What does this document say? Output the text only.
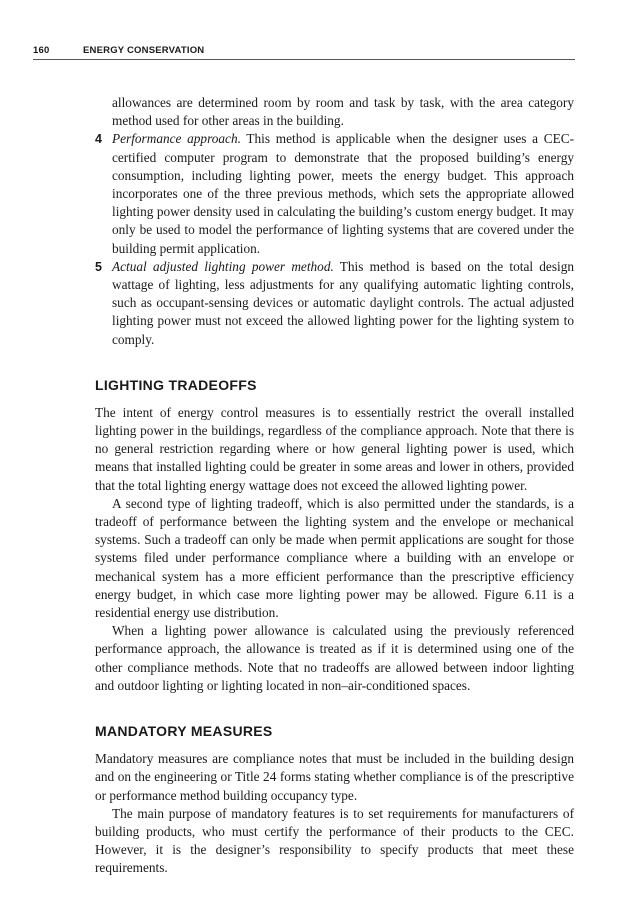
160	ENERGY CONSERVATION

allowances are determined room by room and task by task, with the area category method used for other areas in the building.

4 Performance approach. This method is applicable when the designer uses a CEC-certified computer program to demonstrate that the proposed building’s energy consumption, including lighting power, meets the energy budget. This approach incorporates one of the three previous methods, which sets the appropriate allowed lighting power density used in calculating the building’s custom energy budget. It may only be used to model the performance of lighting systems that are covered under the building permit application.

5 Actual adjusted lighting power method. This method is based on the total design wattage of lighting, less adjustments for any qualifying automatic lighting controls, such as occupant-sensing devices or automatic daylight controls. The actual adjusted lighting power must not exceed the allowed lighting power for the lighting system to comply.

LIGHTING TRADEOFFS

The intent of energy control measures is to essentially restrict the overall installed lighting power in the buildings, regardless of the compliance approach. Note that there is no general restriction regarding where or how general lighting power is used, which means that installed lighting could be greater in some areas and lower in others, provided that the total lighting energy wattage does not exceed the allowed lighting power.

A second type of lighting tradeoff, which is also permitted under the standards, is a tradeoff of performance between the lighting system and the envelope or mechanical systems. Such a tradeoff can only be made when permit applications are sought for those systems filed under performance compliance where a building with an envelope or mechanical system has a more efficient performance than the prescriptive efficiency energy budget, in which case more lighting power may be allowed. Figure 6.11 is a residential energy use distribution.

When a lighting power allowance is calculated using the previously referenced performance approach, the allowance is treated as if it is determined using one of the other compliance methods. Note that no tradeoffs are allowed between indoor lighting and outdoor lighting or lighting located in non–air-conditioned spaces.

MANDATORY MEASURES

Mandatory measures are compliance notes that must be included in the building design and on the engineering or Title 24 forms stating whether compliance is of the prescriptive or performance method building occupancy type.

The main purpose of mandatory features is to set requirements for manufacturers of building products, who must certify the performance of their products to the CEC. However, it is the designer’s responsibility to specify products that meet these requirements.
